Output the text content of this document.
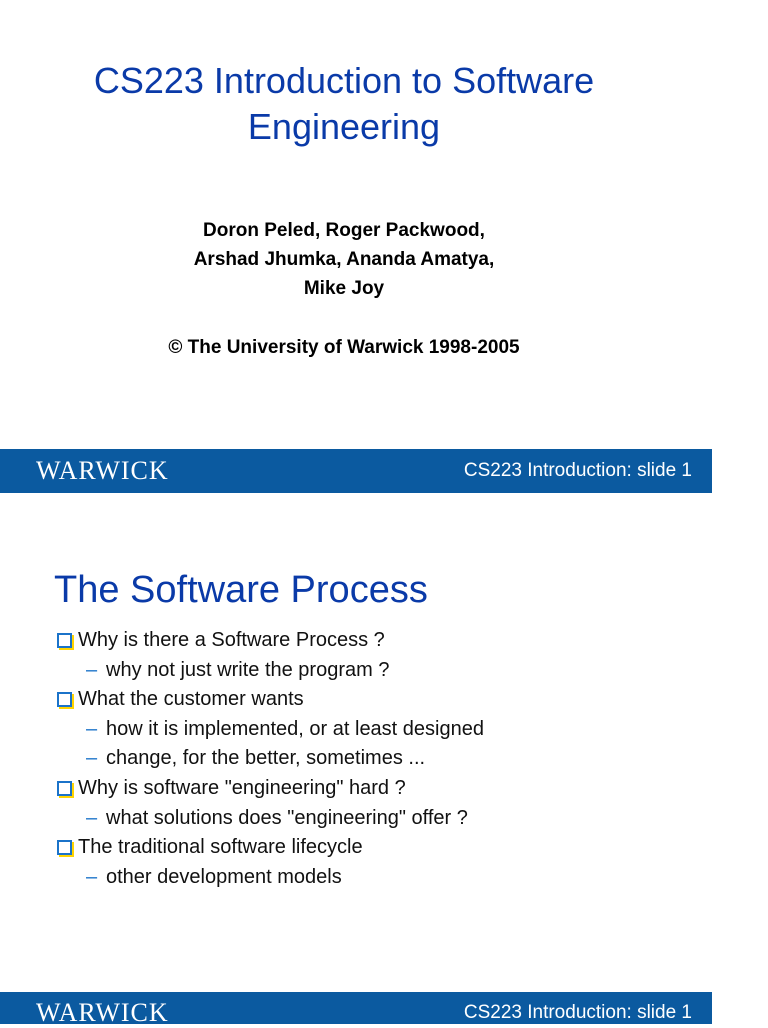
CS223 Introduction to Software
Engineering
Doron Peled, Roger Packwood,
Arshad Jhumka, Ananda Amatya,
Mike Joy
© The University of Warwick 1998-2005
WARWICK	CS223 Introduction: slide 1
The Software Process
Why is there a Software Process ?
– why not just write the program ?
What the customer wants
– how it is implemented, or at least designed
– change, for the better, sometimes ...
Why is software "engineering" hard ?
– what solutions does "engineering" offer ?
The traditional software lifecycle
– other development models
WARWICK	CS223 Introduction: slide 1
